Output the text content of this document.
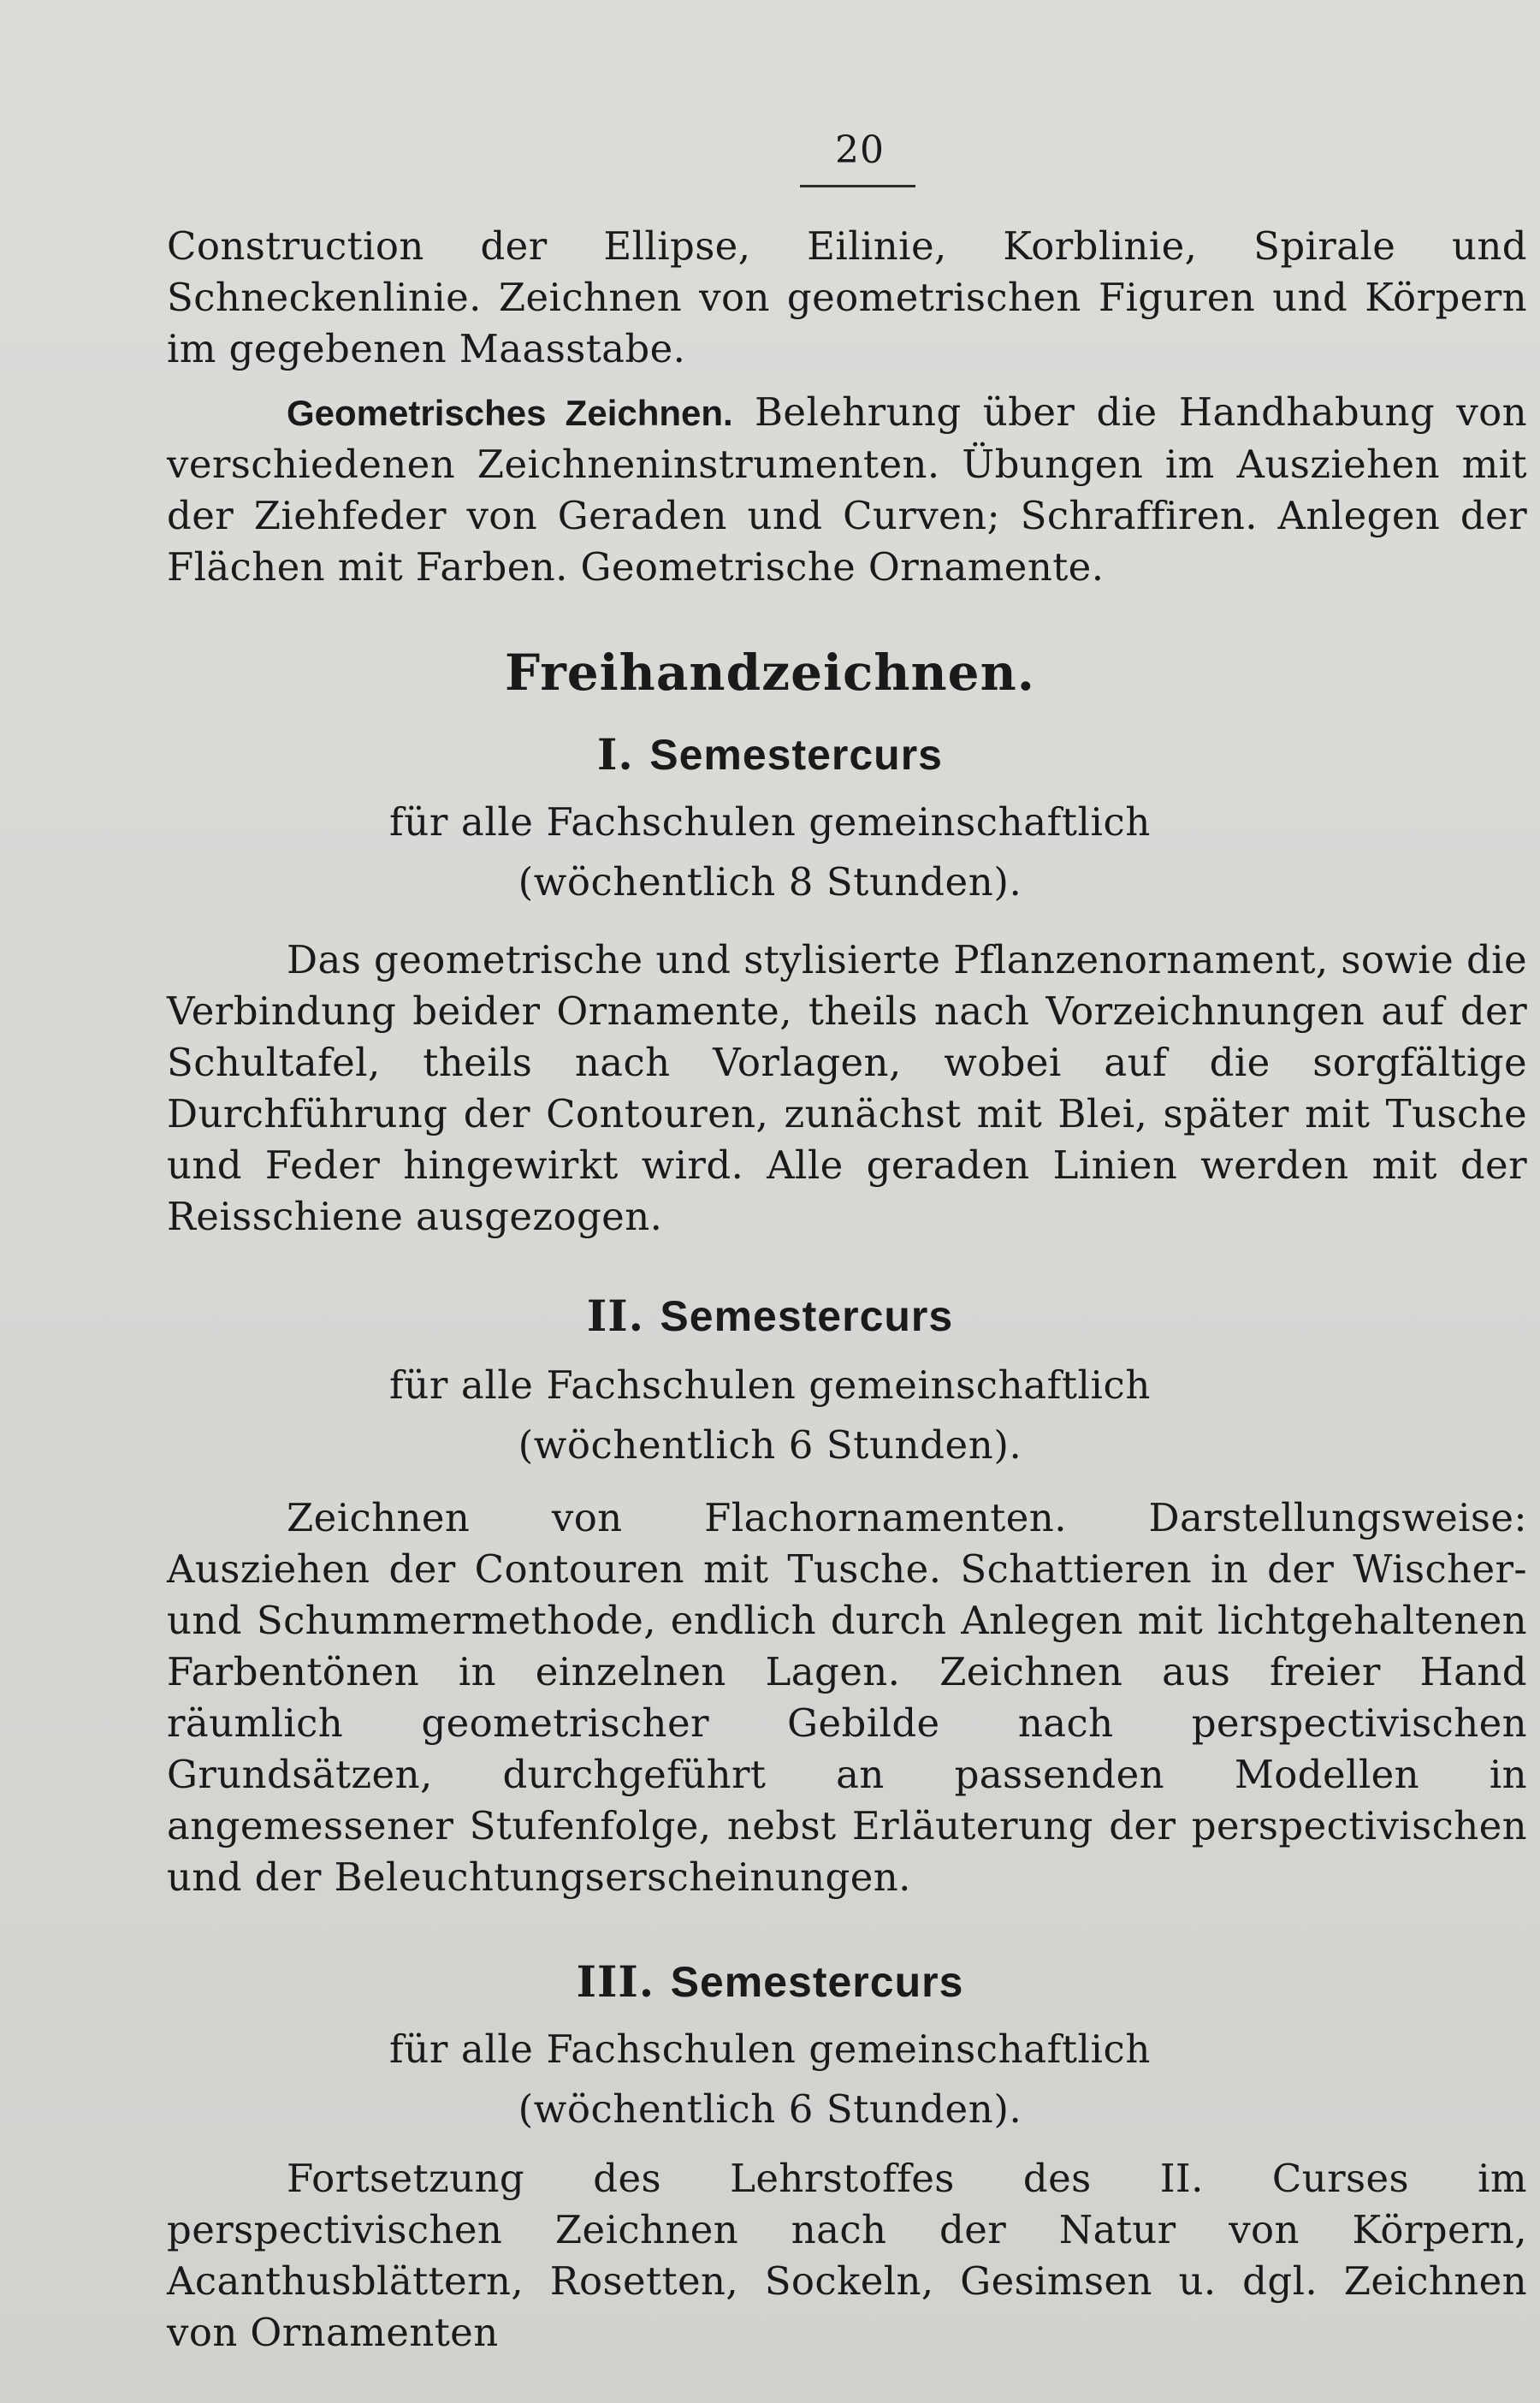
20

Construction der Ellipse, Eilinie, Korblinie, Spirale und Schneckenlinie. Zeichnen von geometrischen Figuren und Körpern im gegebenen Maasstabe.

Geometrisches Zeichnen. Belehrung über die Handhabung von verschiedenen Zeichneninstrumenten. Übungen im Ausziehen mit der Ziehfeder von Geraden und Curven; Schraffiren. Anlegen der Flächen mit Farben. Geometrische Ornamente.

Freihandzeichnen.
I. Semestercurs
für alle Fachschulen gemeinschaftlich
(wöchentlich 8 Stunden).

Das geometrische und stylisierte Pflanzenornament, sowie die Verbindung beider Ornamente, theils nach Vorzeichnungen auf der Schultafel, theils nach Vorlagen, wobei auf die sorgfältige Durchführung der Contouren, zunächst mit Blei, später mit Tusche und Feder hingewirkt wird. Alle geraden Linien werden mit der Reisschiene ausgezogen.

II. Semestercurs
für alle Fachschulen gemeinschaftlich
(wöchentlich 6 Stunden).

Zeichnen von Flachornamenten. Darstellungsweise: Ausziehen der Contouren mit Tusche. Schattieren in der Wischer- und Schummermethode, endlich durch Anlegen mit lichtgehaltenen Farbentönen in einzelnen Lagen. Zeichnen aus freier Hand räumlich geometrischer Gebilde nach perspectivischen Grundsätzen, durchgeführt an passenden Modellen in angemessener Stufenfolge, nebst Erläuterung der perspectivischen und der Beleuchtungserscheinungen.

III. Semestercurs
für alle Fachschulen gemeinschaftlich
(wöchentlich 6 Stunden).

Fortsetzung des Lehrstoffes des II. Curses im perspectivischen Zeichnen nach der Natur von Körpern, Acanthusblättern, Rosetten, Sockeln, Gesimsen u. dgl. Zeichnen von Ornamenten
